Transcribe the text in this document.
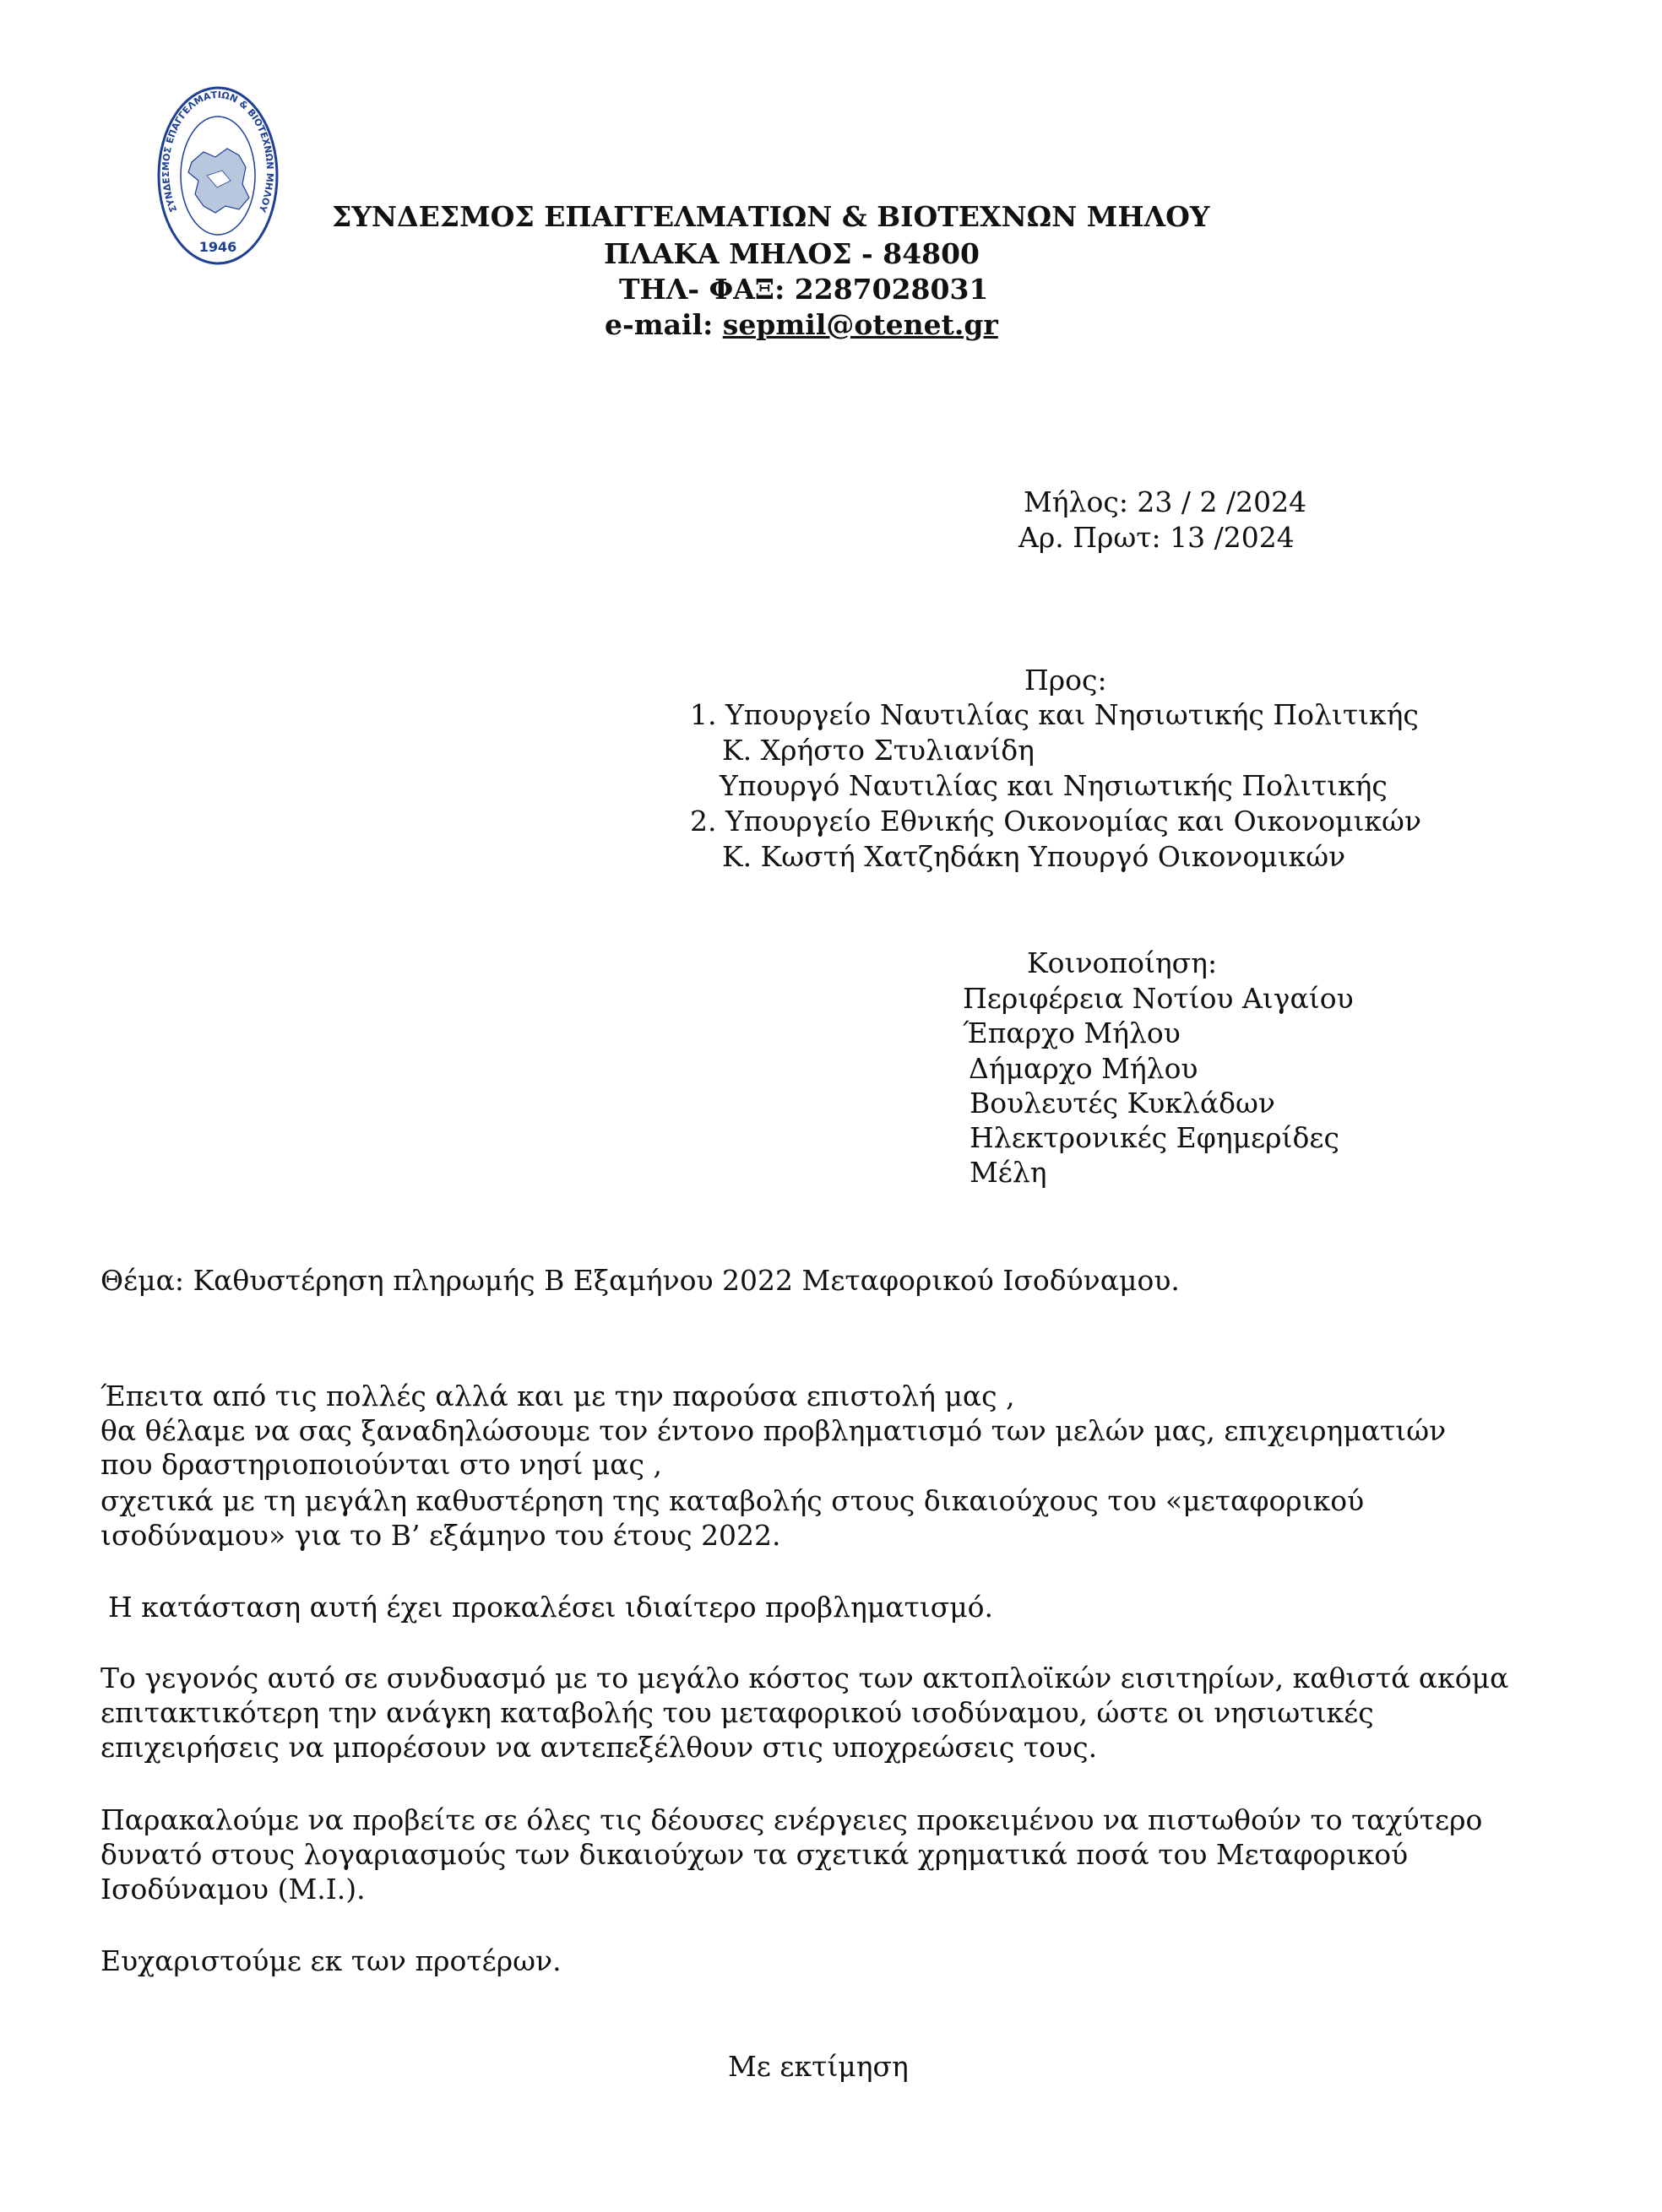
ΣΥΝΔΕΣΜΟΣ ΕΠΑΓΓΕΛΜΑΤΙΩΝ & ΒΙΟΤΕΧΝΩΝ ΜΗΛΟΥ
1946
ΣΥΝΔΕΣΜΟΣ ΕΠΑΓΓΕΛΜΑΤΙΩΝ & ΒΙΟΤΕΧΝΩΝ ΜΗΛΟΥ
ΠΛΑΚΑ ΜΗΛΟΣ - 84800
ΤΗΛ- ΦΑΞ: 2287028031
e-mail: sepmil@otenet.gr
Μήλος: 23 / 2 /2024
Αρ. Πρωτ: 13 /2024
Προς:
1. Υπουργείο Ναυτιλίας και Νησιωτικής Πολιτικής
Κ. Χρήστο Στυλιανίδη
Υπουργό Ναυτιλίας και Νησιωτικής Πολιτικής
2. Υπουργείο Εθνικής Οικονομίας και Οικονομικών
Κ. Κωστή Χατζηδάκη Υπουργό Οικονομικών
Κοινοποίηση:
Περιφέρεια Νοτίου Αιγαίου
Έπαρχο Μήλου
Δήμαρχο Μήλου
Βουλευτές Κυκλάδων
Ηλεκτρονικές Εφημερίδες
Μέλη
Θέμα: Καθυστέρηση πληρωμής Β Εξαμήνου 2022 Μεταφορικού Ισοδύναμου.
Έπειτα από τις πολλές αλλά και με την παρούσα επιστολή μας ,
θα θέλαμε να σας ξαναδηλώσουμε τον έντονο προβληματισμό των μελών μας, επιχειρηματιών
που δραστηριοποιούνται στο νησί μας ,
σχετικά με τη μεγάλη καθυστέρηση της καταβολής στους δικαιούχους του «μεταφορικού
ισοδύναμου» για το Β’ εξάμηνο του έτους 2022.
Η κατάσταση αυτή έχει προκαλέσει ιδιαίτερο προβληματισμό.
Το γεγονός αυτό σε συνδυασμό με το μεγάλο κόστος των ακτοπλοϊκών εισιτηρίων, καθιστά ακόμα
επιτακτικότερη την ανάγκη καταβολής του μεταφορικού ισοδύναμου, ώστε οι νησιωτικές
επιχειρήσεις να μπορέσουν να αντεπεξέλθουν στις υποχρεώσεις τους.
Παρακαλούμε να προβείτε σε όλες τις δέουσες ενέργειες προκειμένου να πιστωθούν το ταχύτερο
δυνατό στους λογαριασμούς των δικαιούχων τα σχετικά χρηματικά ποσά του Μεταφορικού
Ισοδύναμου (Μ.Ι.).
Ευχαριστούμε εκ των προτέρων.
Με εκτίμηση
